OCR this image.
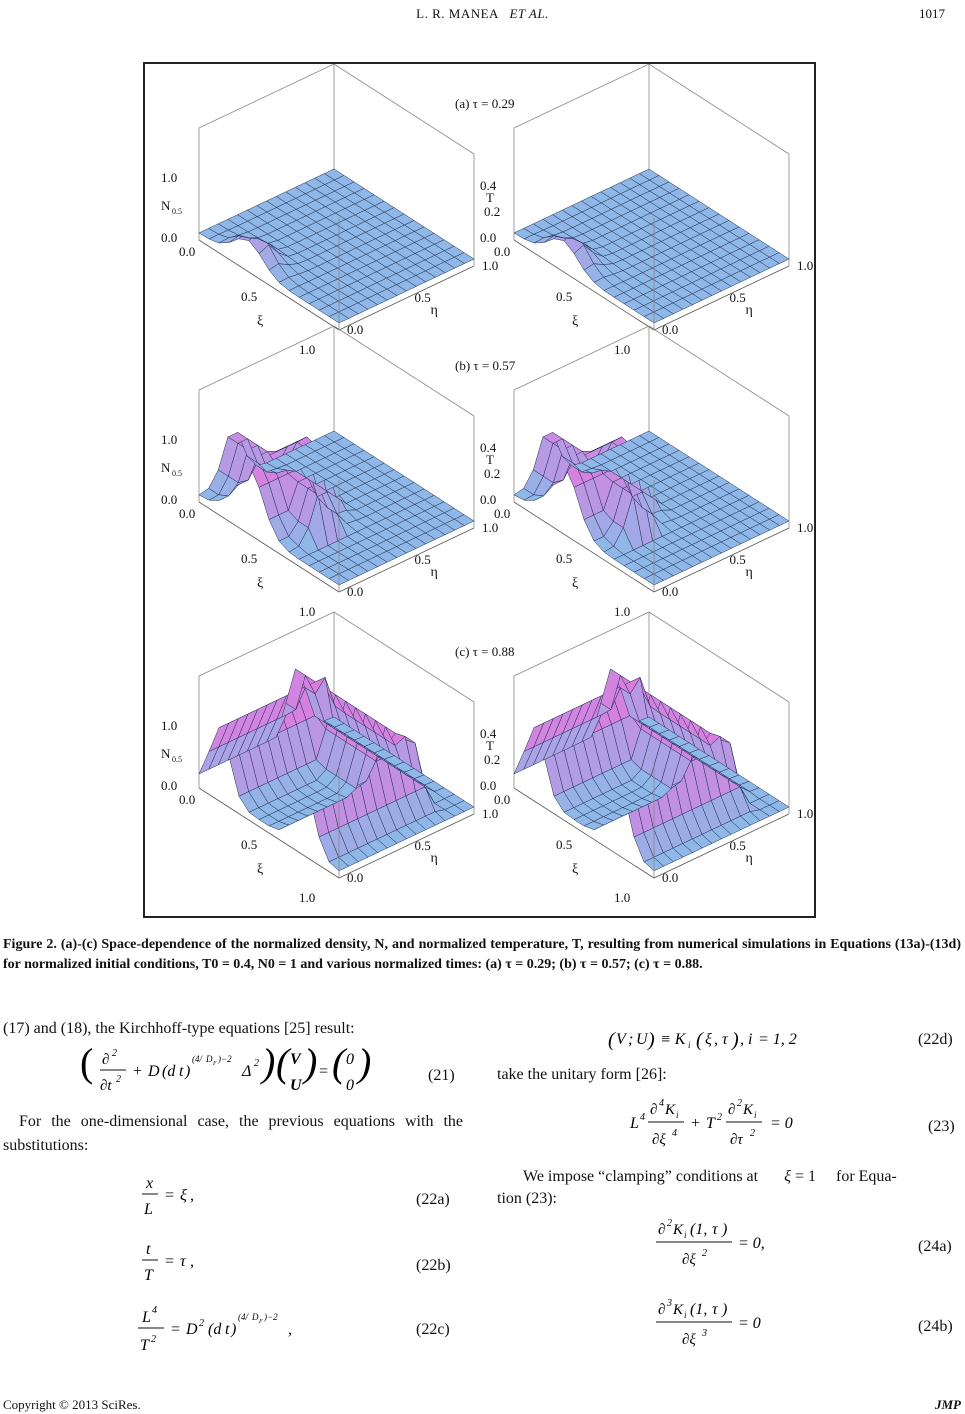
L. R. MANEA ET AL.	1017
(a) τ = 0.29
1.0
N 0.5
0.0
0.0
0.5
1.0
ξ
0.0
0.5
1.0
η
0.4
T
0.2
0.0
0.0
0.5
1.0
ξ
0.0
0.5
1.0
η
(b) τ = 0.57
1.0
N 0.5
0.0
0.0
0.5
1.0
ξ
0.0
0.5
1.0
η
0.4
T
0.2
0.0
0.0
0.5
1.0
ξ
0.0
0.5
1.0
η
(c) τ = 0.88
1.0
N 0.5
0.0
0.0
0.5
1.0
ξ
0.0
0.5
1.0
η
0.4
T
0.2
0.0
0.0
0.5
1.0
ξ
0.0
0.5
1.0
η
Figure 2. (a)-(c) Space-dependence of the normalized density, N, and normalized temperature, T, resulting from numerical simulations in Equations (13a)-(13d) for normalized initial conditions, T0 = 0.4, N0 = 1 and various normalized times: (a) τ = 0.29; (b) τ = 0.57; (c) τ = 0.88.
(17) and (18), the Kirchhoff-type equations [25] result:
( ∂ 2
∂t 2 + D (d t )
(4/ D F )−2
Δ 2 ) ( V
U
) = ( 0
0
)	(21)
For the one-dimensional case, the previous equations with the substitutions:
x
L
= ξ ,	(22a)
t
T
= τ ,	(22b)
L 4
T 2
= D 2 (d t )
(4/ D F )−2
,	(22c)
( V ; U ) ≡ K i ( ξ , τ ) , i = 1, 2	(22d)
take the unitary form [26]:
L 4 ∂ 4 K i
∂ξ 4
+ T 2 ∂ 2 K i
∂τ 2
= 0	(23)
We impose “clamping” conditions at ξ = 1 for Equa-
tion (23):
∂ 2 K i (1, τ )
∂ξ 2
= 0,	(24a)
∂ 3 K i (1, τ )
∂ξ 3
= 0	(24b)
Copyright © 2013 SciRes.	JMP
